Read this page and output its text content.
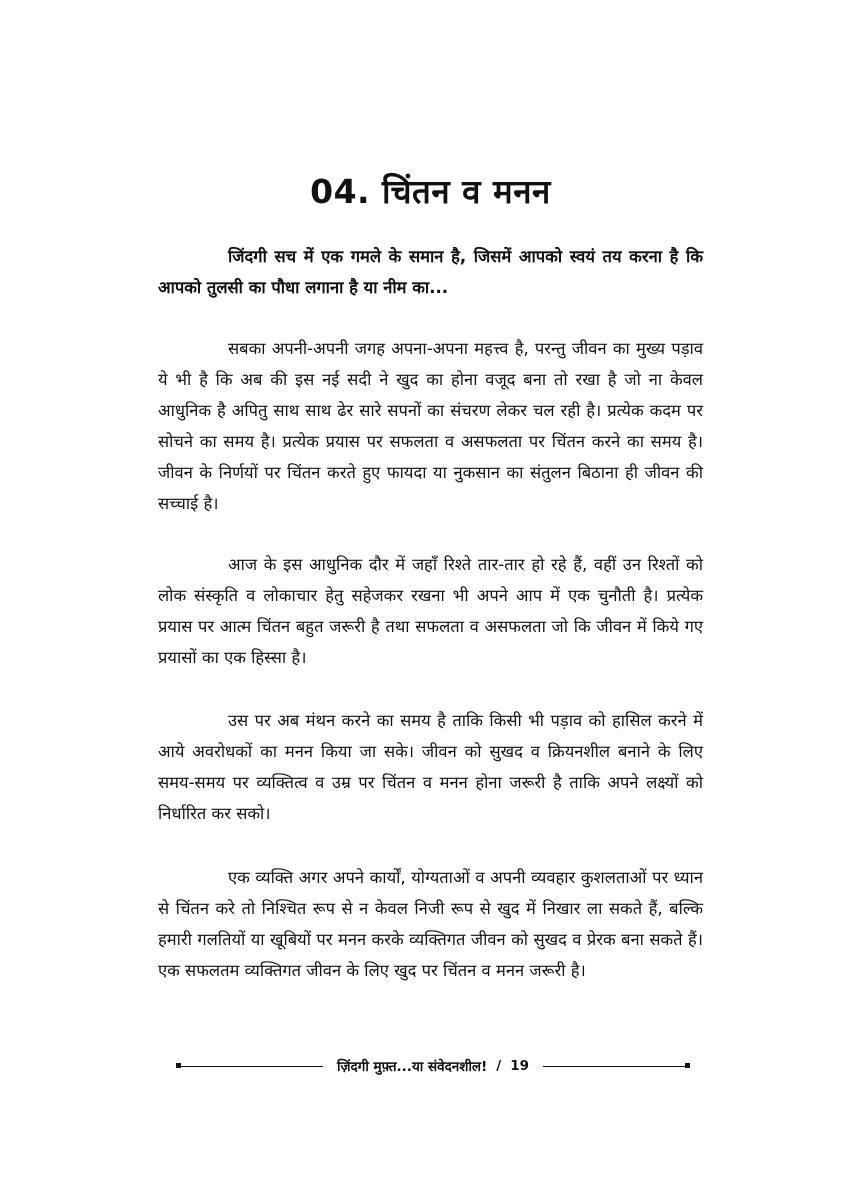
04. चिंतन व मनन

जिंदगी सच में एक गमले के समान है, जिसमें आपको स्वयं तय करना है कि आपको तुलसी का पौधा लगाना है या नीम का...

सबका अपनी-अपनी जगह अपना-अपना महत्त्व है, परन्तु जीवन का मुख्य पड़ाव ये भी है कि अब की इस नई सदी ने खुद का होना वजूद बना तो रखा है जो ना केवल आधुनिक है अपितु साथ साथ ढेर सारे सपनों का संचरण लेकर चल रही है। प्रत्येक कदम पर सोचने का समय है। प्रत्येक प्रयास पर सफलता व असफलता पर चिंतन करने का समय है। जीवन के निर्णयों पर चिंतन करते हुए फायदा या नुकसान का संतुलन बिठाना ही जीवन की सच्चाई है।

आज के इस आधुनिक दौर में जहाँ रिश्ते तार-तार हो रहे हैं, वहीं उन रिश्तों को लोक संस्कृति व लोकाचार हेतु सहेजकर रखना भी अपने आप में एक चुनौती है। प्रत्येक प्रयास पर आत्म चिंतन बहुत जरूरी है तथा सफलता व असफलता जो कि जीवन में किये गए प्रयासों का एक हिस्सा है।

उस पर अब मंथन करने का समय है ताकि किसी भी पड़ाव को हासिल करने में आये अवरोधकों का मनन किया जा सके। जीवन को सुखद व क्रियनशील बनाने के लिए समय-समय पर व्यक्तित्व व उम्र पर चिंतन व मनन होना जरूरी है ताकि अपने लक्ष्यों को निर्धारित कर सको।

एक व्यक्ति अगर अपने कार्यों, योग्यताओं व अपनी व्यवहार कुशलताओं पर ध्यान से चिंतन करे तो निश्चित रूप से न केवल निजी रूप से खुद में निखार ला सकते हैं, बल्कि हमारी गलतियों या खूबियों पर मनन करके व्यक्तिगत जीवन को सुखद व प्रेरक बना सकते हैं। एक सफलतम व्यक्तिगत जीवन के लिए खुद पर चिंतन व मनन जरूरी है।

ज़िंदगी मुफ़्त...या संवेदनशील! / 19
